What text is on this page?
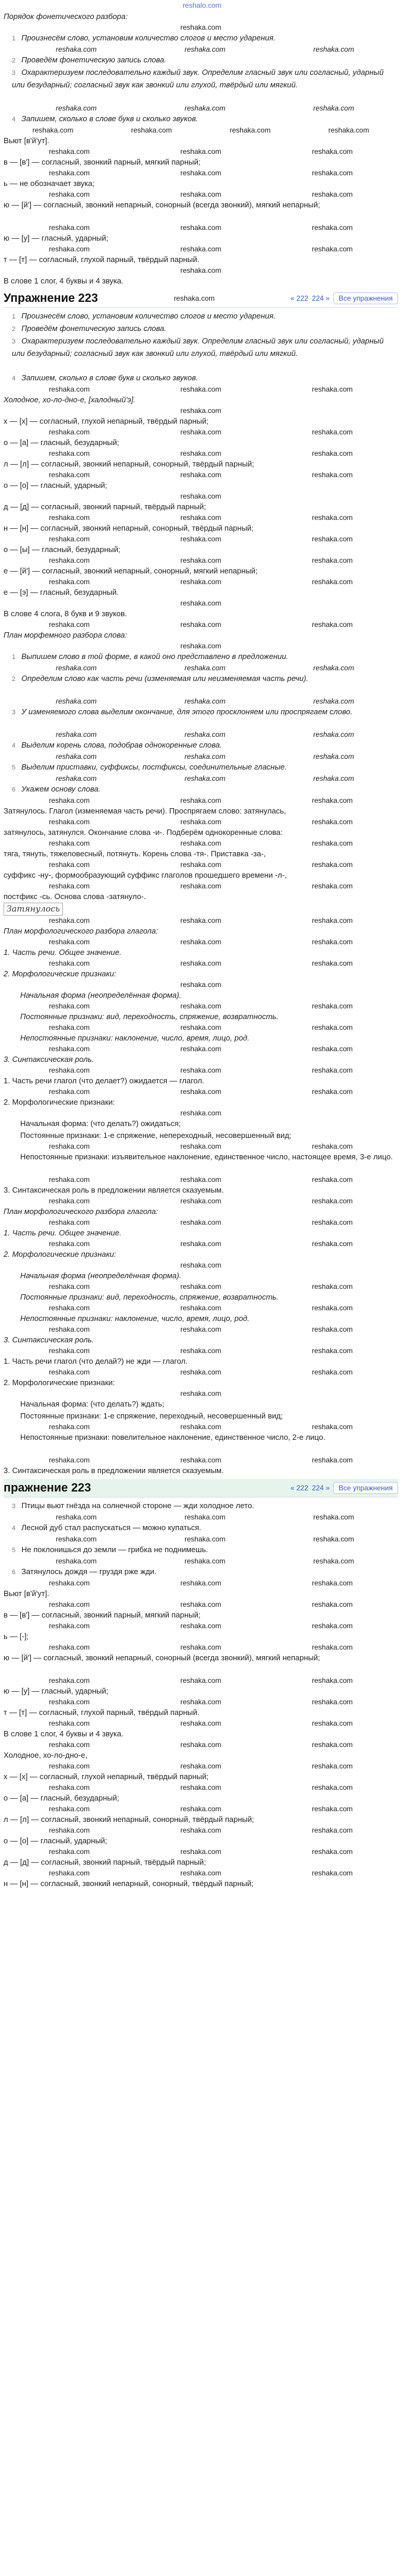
reshalo.com
Порядок фонетического разбора:
reshaka.com
1 Произнесём слово, установим количество слогов и место ударения.
reshaka.com	reshaka.com	reshaka.com
2 Проведём фонетическую запись слова.
3 Охарактеризуем последовательно каждый звук. Определим гласный звук или согласный, ударный или безударный; согласный звук как звонкий или глухой, твёрдый или мягкий.
reshaka.com	reshaka.com	reshaka.com
4 Запишем, сколько в слове букв и сколько звуков.
reshaka.com	reshaka.com	reshaka.com	reshaka.com
Вьют [в'й'ут].
reshaka.com	reshaka.com	reshaka.com
в — [в'] — согласный, звонкий парный, мягкий парный;
reshaka.com	reshaka.com	reshaka.com
ь — не обозначает звука;
reshaka.com	reshaka.com	reshaka.com
ю — [й'] — согласный, звонкий непарный, сонорный (всегда звонкий), мягкий непарный;
reshaka.com	reshaka.com	reshaka.com
ю — [у] — гласный, ударный;
reshaka.com	reshaka.com	reshaka.com
т — [т] — согласный, глухой парный, твёрдый парный.
reshaka.com
В слове 1 слог, 4 буквы и 4 звука.
Упражнение 223	reshaka.com	« 222 224 »	Все упражнения
1 Произнесём слово, установим количество слогов и место ударения.
2 Проведём фонетическую запись слова.
3 Охарактеризуем последовательно каждый звук. Определим гласный звук или согласный, ударный или безударный; согласный звук как звонкий или глухой, твёрдый или мягкий.
4 Запишем, сколько в слове букв и сколько звуков.
reshaka.com	reshaka.com	reshaka.com
Холодное, хо-ло-дно-е, [халодный'э].
reshaka.com
х — [х] — согласный, глухой непарный, твёрдый парный;
reshaka.com	reshaka.com	reshaka.com
о — [а] — гласный, безударный;
reshaka.com	reshaka.com	reshaka.com
л — [л] — согласный, звонкий непарный, сонорный, твёрдый парный;
reshaka.com	reshaka.com	reshaka.com
о — [о] — гласный, ударный;
reshaka.com
д — [д] — согласный, звонкий парный, твёрдый парный;
reshaka.com	reshaka.com	reshaka.com
н — [н] — согласный, звонкий непарный, сонорный, твёрдый парный;
reshaka.com	reshaka.com	reshaka.com
о — [ы] — гласный, безударный;
reshaka.com	reshaka.com	reshaka.com
е — [й'] — согласный, звонкий непарный, сонорный, мягкий непарный;
reshaka.com	reshaka.com	reshaka.com
е — [э] — гласный, безударный.
reshaka.com
В слове 4 слога, 8 букв и 9 звуков.
reshaka.com	reshaka.com	reshaka.com
План морфемного разбора слова:
reshaka.com
1 Выпишем слово в той форме, в какой оно представлено в предложении.
reshaka.com	reshaka.com	reshaka.com
2 Определим слово как часть речи (изменяемая или неизменяемая часть речи).
reshaka.com	reshaka.com	reshaka.com
3 У изменяемого слова выделим окончание, для этого просклоняем или проспрягаем слово.
reshaka.com	reshaka.com	reshaka.com
4 Выделим корень слова, подобрав однокоренные слова.
reshaka.com	reshaka.com	reshaka.com
5 Выделим приставки, суффиксы, постфиксы, соединительные гласные.
reshaka.com	reshaka.com	reshaka.com
6 Укажем основу слова.
reshaka.com	reshaka.com	reshaka.com
Затянулось. Глагол (изменяемая часть речи). Проспрягаем слово: затянулась,
reshaka.com	reshaka.com	reshaka.com
затянулось, затянулся. Окончание слова -и-. Подберём однокоренные слова:
reshaka.com	reshaka.com	reshaka.com
тяга, тянуть, тяжеловесный, потянуть. Корень слова -тя-. Приставка -за-,
reshaka.com	reshaka.com	reshaka.com
суффикс -ну-, формообразующий суффикс глаголов прошедшего времени -л-,
reshaka.com	reshaka.com	reshaka.com
постфикс -сь. Основа слова -затянуло-.
Затянулось
reshaka.com	reshaka.com	reshaka.com
План морфологического разбора глагола:
reshaka.com	reshaka.com	reshaka.com
1. Часть речи. Общее значение.
reshaka.com	reshaka.com	reshaka.com
2. Морфологические признаки:
reshaka.com
Начальная форма (неопределённая форма).
reshaka.com	reshaka.com	reshaka.com
Постоянные признаки: вид, переходность, спряжение, возвратность.
reshaka.com	reshaka.com	reshaka.com
Непостоянные признаки: наклонение, число, время, лицо, род.
reshaka.com	reshaka.com	reshaka.com
3. Синтаксическая роль.
reshaka.com	reshaka.com	reshaka.com
1. Часть речи глагол (что делает?) ожидается — глагол.
reshaka.com	reshaka.com	reshaka.com
2. Морфологические признаки:
reshaka.com
Начальная форма: (что делать?) ожидаться;
Постоянные признаки: 1-е спряжение, непереходный, несовершенный вид;
reshaka.com	reshaka.com	reshaka.com
Непостоянные признаки: изъявительное наклонение, единственное число, настоящее время, 3-е лицо.
reshaka.com	reshaka.com	reshaka.com
3. Синтаксическая роль в предложении является сказуемым.
reshaka.com	reshaka.com	reshaka.com
План морфологического разбора глагола:
reshaka.com	reshaka.com	reshaka.com
1. Часть речи. Общее значение.
reshaka.com	reshaka.com	reshaka.com
2. Морфологические признаки:
reshaka.com
Начальная форма (неопределённая форма).
reshaka.com	reshaka.com	reshaka.com
Постоянные признаки: вид, переходность, спряжение, возвратность.
reshaka.com	reshaka.com	reshaka.com
Непостоянные признаки: наклонение, число, время, лицо, род.
reshaka.com	reshaka.com	reshaka.com
3. Синтаксическая роль.
reshaka.com	reshaka.com	reshaka.com
1. Часть речи глагол (что делай?) не жди — глагол.
reshaka.com	reshaka.com	reshaka.com
2. Морфологические признаки:
reshaka.com
Начальная форма: (что делать?) ждать;
Постоянные признаки: 1-е спряжение, переходный, несовершенный вид;
reshaka.com	reshaka.com	reshaka.com
Непостоянные признаки: повелительное наклонение, единственное число, 2-е лицо.
reshaka.com	reshaka.com	reshaka.com
3. Синтаксическая роль в предложении является сказуемым.
пражнение 223	« 222 224 »	Все упражнения
3 Птицы вьют гнёзда на солнечной стороне — жди холодное лето.
reshaka.com	reshaka.com	reshaka.com
4 Лесной дуб стал распускаться — можно купаться.
reshaka.com	reshaka.com	reshaka.com
5 Не поклонишься до земли — грибка не поднимешь.
reshaka.com	reshaka.com	reshaka.com
6 Затянулось дождя — груздя рже жди.
reshaka.com	reshaka.com	reshaka.com
Вьют [в'й'ут].
reshaka.com	reshaka.com	reshaka.com
в — [в'] — согласный, звонкий парный, мягкий парный;
reshaka.com	reshaka.com	reshaka.com
ь — [-];
reshaka.com	reshaka.com	reshaka.com
ю — [й'] — согласный, звонкий непарный, сонорный (всегда звонкий), мягкий непарный;
reshaka.com	reshaka.com	reshaka.com
ю — [у] — гласный, ударный;
reshaka.com	reshaka.com	reshaka.com
т — [т] — согласный, глухой парный, твёрдый парный.
reshaka.com	reshaka.com	reshaka.com
В слове 1 слог, 4 буквы и 4 звука.
reshaka.com	reshaka.com	reshaka.com
Холодное, хо-ло-дно-е,
reshaka.com	reshaka.com	reshaka.com
х — [х] — согласный, глухой непарный, твёрдый парный;
reshaka.com	reshaka.com	reshaka.com
о — [а] — гласный, безударный;
reshaka.com	reshaka.com	reshaka.com
л — [л] — согласный, звонкий непарный, сонорный, твёрдый парный;
reshaka.com	reshaka.com	reshaka.com
о — [о] — гласный, ударный;
reshaka.com	reshaka.com	reshaka.com
д — [д] — согласный, звонкий парный, твёрдый парный;
reshaka.com	reshaka.com	reshaka.com
н — [н] — согласный, звонкий непарный, сонорный, твёрдый парный;
